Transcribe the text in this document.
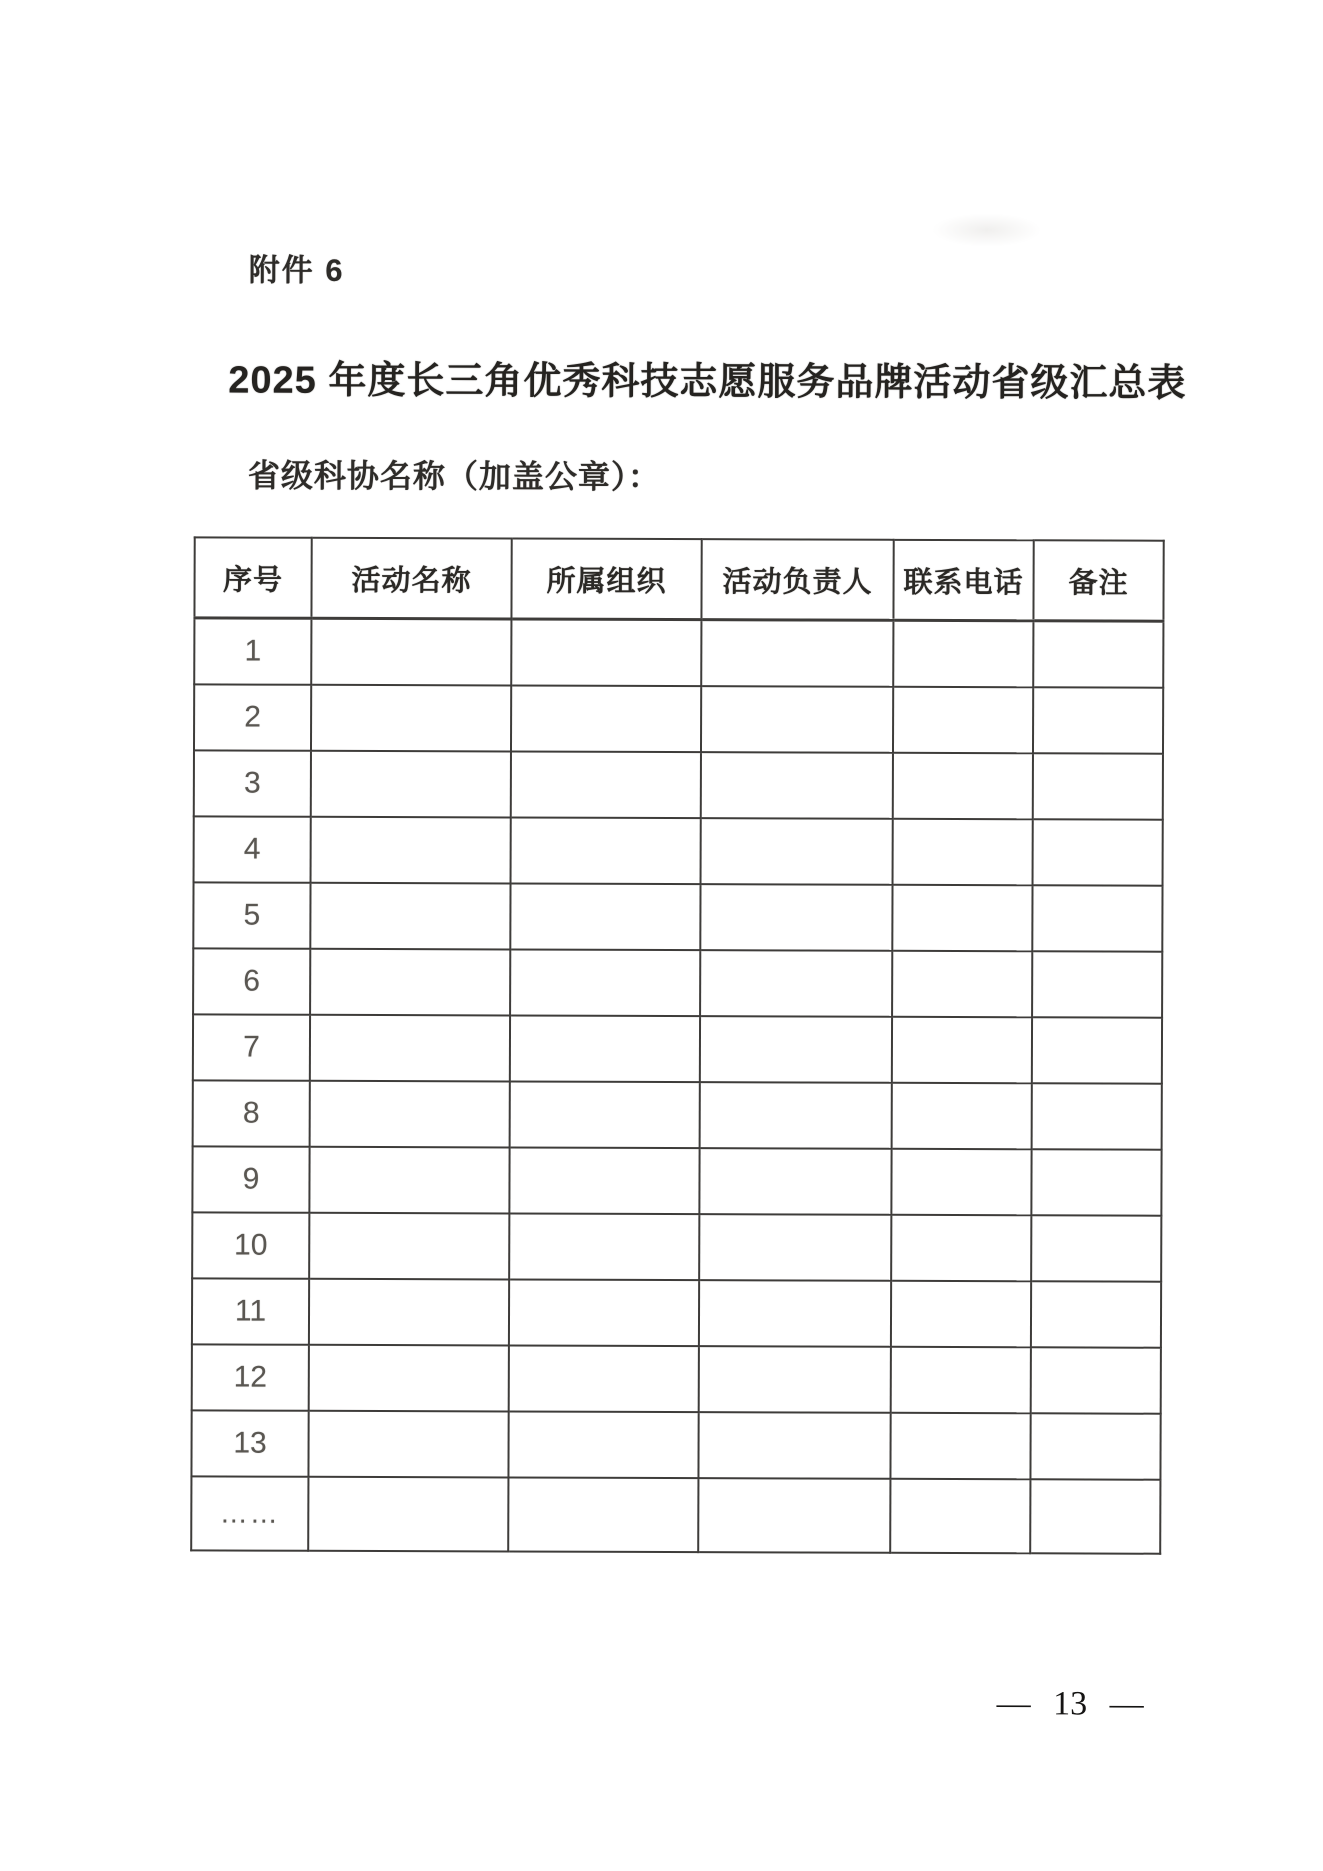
附件 6
2025 年度长三角优秀科技志愿服务品牌活动省级汇总表
省级科协名称（加盖公章）：
序号	活动名称	所属组织	活动负责人	联系电话	备注
1					
2					
3					
4					
5					
6					
7					
8					
9					
10					
11					
12					
13					
……					
— 13 —
